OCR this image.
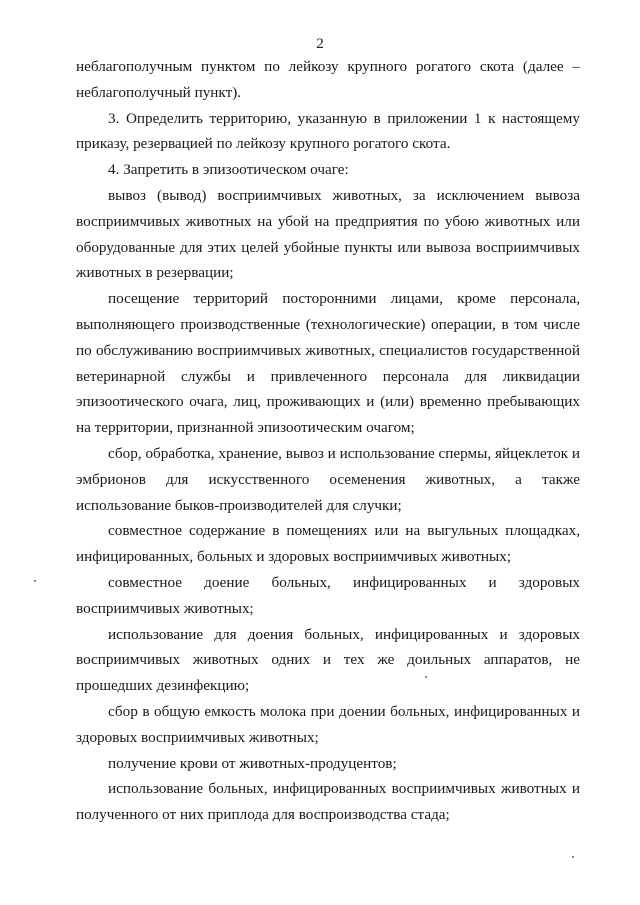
2

неблагополучным пунктом по лейкозу крупного рогатого скота (далее – неблагополучный пункт).

3. Определить территорию, указанную в приложении 1 к настоящему приказу, резервацией по лейкозу крупного рогатого скота.

4. Запретить в эпизоотическом очаге:

вывоз (вывод) восприимчивых животных, за исключением вывоза восприимчивых животных на убой на предприятия по убою животных или оборудованные для этих целей убойные пункты или вывоза восприимчивых животных в резервации;

посещение территорий посторонними лицами, кроме персонала, выполняющего производственные (технологические) операции, в том числе по обслуживанию восприимчивых животных, специалистов государственной ветеринарной службы и привлеченного персонала для ликвидации эпизоотического очага, лиц, проживающих и (или) временно пребывающих на территории, признанной эпизоотическим очагом;

сбор, обработка, хранение, вывоз и использование спермы, яйцеклеток и эмбрионов для искусственного осеменения животных, а также использование быков-производителей для случки;

совместное содержание в помещениях или на выгульных площадках, инфицированных, больных и здоровых восприимчивых животных;

совместное доение больных, инфицированных и здоровых восприимчивых животных;

использование для доения больных, инфицированных и здоровых восприимчивых животных одних и тех же доильных аппаратов, не прошедших дезинфекцию;

сбор в общую емкость молока при доении больных, инфицированных и здоровых восприимчивых животных;

получение крови от животных-продуцентов;

использование больных, инфицированных восприимчивых животных и полученного от них приплода для воспроизводства стада;
